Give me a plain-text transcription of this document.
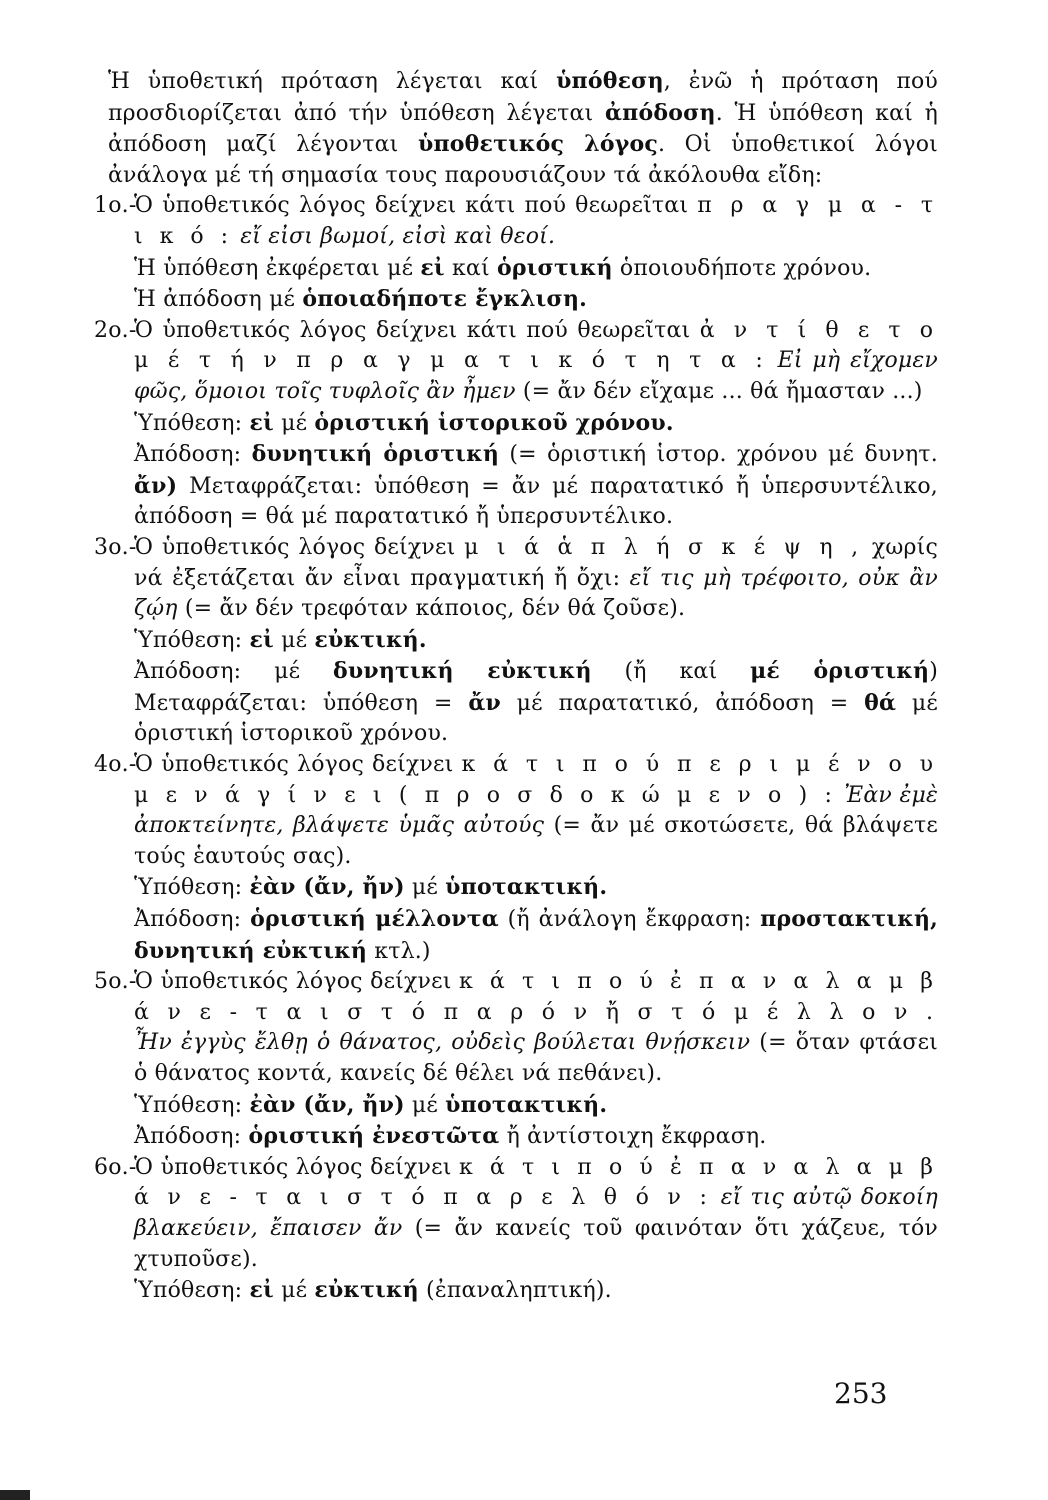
Ἡ ὑποθετική πρόταση λέγεται καί ὑπόθεση, ἐνῶ ἡ πρόταση πού προσδιορίζεται ἀπό τήν ὑπόθεση λέγεται ἀπόδοση. Ἡ ὑπόθεση καί ἡ ἀπόδοση μαζί λέγονται ὑποθετικός λόγος. Οἱ ὑποθετικοί λόγοι ἀνάλογα μέ τή σημασία τους παρουσιάζουν τά ἀκόλουθα εἴδη:

1ο.-

Ὁ ὑποθετικός λόγος δείχνει κάτι πού θεωρεῖται π ρ α γ μ α - τ ι κ ό : εἴ εἰσι βωμοί, εἰσὶ καὶ θεοί.

Ἡ ὑπόθεση ἐκφέρεται μέ εἰ καί ὁριστική ὁποιουδήποτε χρόνου.

Ἡ ἀπόδοση μέ ὁποιαδήποτε ἔγκλιση.

2ο.-

Ὁ ὑποθετικός λόγος δείχνει κάτι πού θεωρεῖται ἀ ν τ ί θ ε τ ο μ έ τ ή ν π ρ α γ μ α τ ι κ ό τ η τ α : Εἰ μὴ εἴχομεν φῶς, ὅμοιοι τοῖς τυφλοῖς ἂν ἦμεν (= ἄν δέν εἴχαμε ... θά ἤμασταν ...)

Ὑπόθεση: εἰ μέ ὁριστική ἱστορικοῦ χρόνου.

Ἀπόδοση: δυνητική ὁριστική (= ὁριστική ἱστορ. χρόνου μέ δυνητ. ἄν) Μεταφράζεται: ὑπόθεση = ἄν μέ παρατατικό ἤ ὑπερσυντέλικο, ἀπόδοση = θά μέ παρατατικό ἤ ὑπερσυντέλικο.

3ο.-

Ὁ ὑποθετικός λόγος δείχνει μ ι ά ἁ π λ ή σ κ έ ψ η , χωρίς νά ἐξετάζεται ἄν εἶναι πραγματική ἤ ὄχι: εἴ τις μὴ τρέφοιτο, οὐκ ἂν ζῴη (= ἄν δέν τρεφόταν κάποιος, δέν θά ζοῦσε).

Ὑπόθεση: εἰ μέ εὐκτική.

Ἀπόδοση: μέ δυνητική εὐκτική (ἤ καί μέ ὁριστική) Μεταφράζεται: ὑπόθεση = ἄν μέ παρατατικό, ἀπόδοση = θά μέ ὁριστική ἱστορικοῦ χρόνου.

4ο.-

Ὁ ὑποθετικός λόγος δείχνει κ ά τ ι π ο ύ π ε ρ ι μ έ ν ο υ μ ε ν ά γ ί ν ε ι ( π ρ ο σ δ ο κ ώ μ ε ν ο ) : Ἐὰν ἐμὲ ἀποκτείνητε, βλάψετε ὑμᾶς αὐτούς (= ἄν μέ σκοτώσετε, θά βλάψετε τούς ἑαυτούς σας).

Ὑπόθεση: ἐὰν (ἄν, ἤν) μέ ὑποτακτική.

Ἀπόδοση: ὁριστική μέλλοντα (ἤ ἀνάλογη ἔκφραση: προστακτική, δυνητική εὐκτική κτλ.)

5ο.-

Ὁ ὑποθετικός λόγος δείχνει κ ά τ ι π ο ύ ἐ π α ν α λ α μ β ά ν ε - τ α ι σ τ ό π α ρ ό ν ἤ σ τ ό μ έ λ λ ο ν . Ἦν ἐγγὺς ἔλθῃ ὁ θάνατος, οὐδεὶς βούλεται θνῄσκειν (= ὅταν φτάσει ὁ θάνατος κοντά, κανείς δέ θέλει νά πεθάνει).

Ὑπόθεση: ἐὰν (ἄν, ἤν) μέ ὑποτακτική.

Ἀπόδοση: ὁριστική ἐνεστῶτα ἤ ἀντίστοιχη ἔκφραση.

6ο.-

Ὁ ὑποθετικός λόγος δείχνει κ ά τ ι π ο ύ ἐ π α ν α λ α μ β ά ν ε - τ α ι σ τ ό π α ρ ε λ θ ό ν : εἴ τις αὐτῷ δοκοίη βλακεύειν, ἔπαισεν ἄν (= ἄν κανείς τοῦ φαινόταν ὅτι χάζευε, τόν χτυποῦσε).

Ὑπόθεση: εἰ μέ εὐκτική (ἐπαναληπτική).

253
